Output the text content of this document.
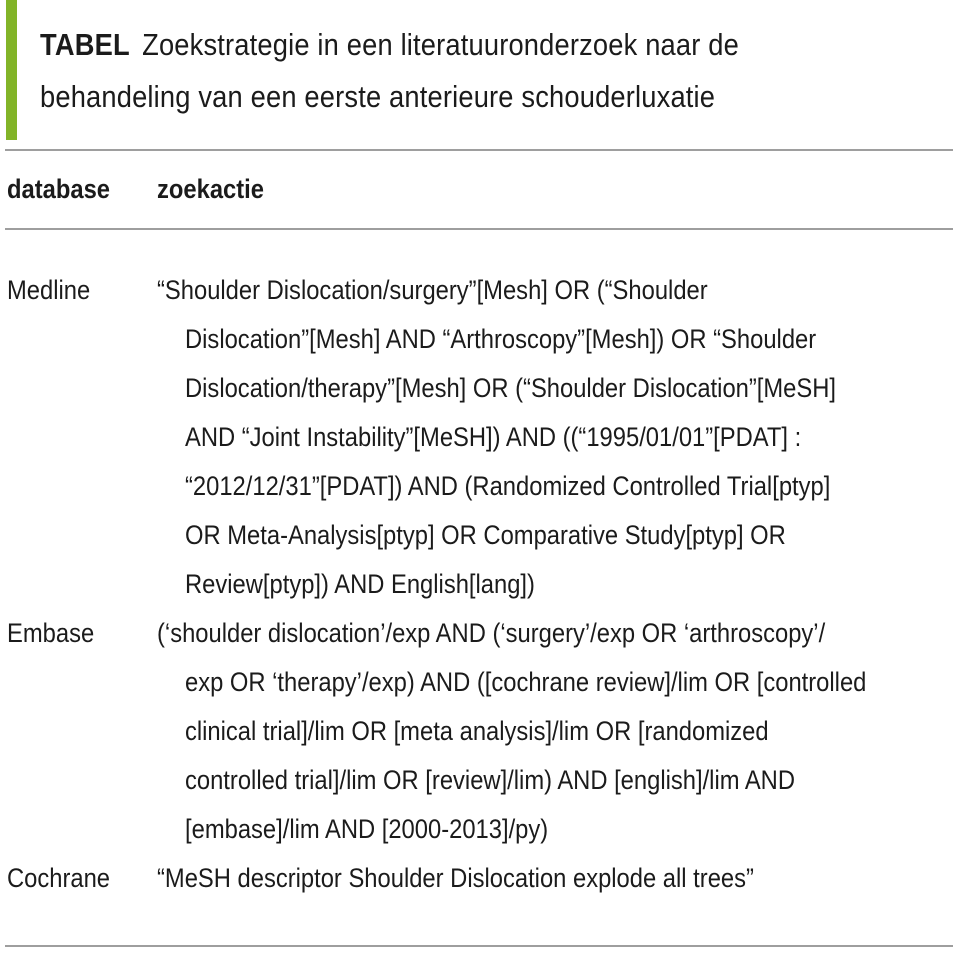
TABEL Zoekstrategie in een literatuuronderzoek naar de
behandeling van een eerste anterieure schouderluxatie
database	zoekactie
Medline	“Shoulder Dislocation/surgery”[Mesh] OR (“Shoulder
Dislocation”[Mesh] AND “Arthroscopy”[Mesh]) OR “Shoulder
Dislocation/therapy”[Mesh] OR (“Shoulder Dislocation”[MeSH]
AND “Joint Instability”[MeSH]) AND ((“1995/01/01”[PDAT] :
“2012/12/31”[PDAT]) AND (Randomized Controlled Trial[ptyp]
OR Meta-Analysis[ptyp] OR Comparative Study[ptyp] OR
Review[ptyp]) AND English[lang])
Embase	(‘shoulder dislocation’/exp AND (‘surgery’/exp OR ‘arthroscopy’/
exp OR ‘therapy’/exp) AND ([cochrane review]/lim OR [controlled
clinical trial]/lim OR [meta analysis]/lim OR [randomized
controlled trial]/lim OR [review]/lim) AND [english]/lim AND
[embase]/lim AND [2000-2013]/py)
Cochrane	“MeSH descriptor Shoulder Dislocation explode all trees”
